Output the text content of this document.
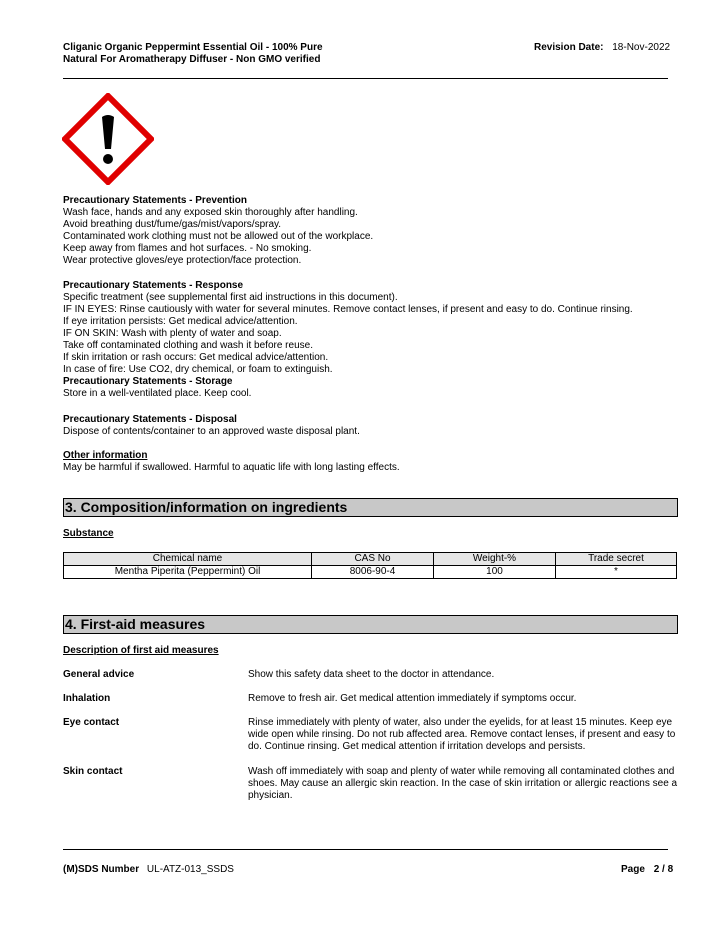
Cliganic Organic Peppermint Essential Oil - 100% Pure
Natural For Aromatherapy Diffuser - Non GMO verified
Revision Date: 18-Nov-2022
Precautionary Statements - Prevention
Wash face, hands and any exposed skin thoroughly after handling.
Avoid breathing dust/fume/gas/mist/vapors/spray.
Contaminated work clothing must not be allowed out of the workplace.
Keep away from flames and hot surfaces. - No smoking.
Wear protective gloves/eye protection/face protection.
Precautionary Statements - Response
Specific treatment (see supplemental first aid instructions in this document).
IF IN EYES: Rinse cautiously with water for several minutes. Remove contact lenses, if present and easy to do. Continue rinsing.
If eye irritation persists: Get medical advice/attention.
IF ON SKIN: Wash with plenty of water and soap.
Take off contaminated clothing and wash it before reuse.
If skin irritation or rash occurs: Get medical advice/attention.
In case of fire: Use CO2, dry chemical, or foam to extinguish.
Precautionary Statements - Storage
Store in a well-ventilated place. Keep cool.
Precautionary Statements - Disposal
Dispose of contents/container to an approved waste disposal plant.
Other information
May be harmful if swallowed. Harmful to aquatic life with long lasting effects.
3. Composition/information on ingredients
Substance
Chemical name	CAS No	Weight-%	Trade secret
Mentha Piperita (Peppermint) Oil	8006-90-4	100	*
4. First-aid measures
Description of first aid measures
General advice	Show this safety data sheet to the doctor in attendance.
Inhalation	Remove to fresh air. Get medical attention immediately if symptoms occur.
Eye contact	Rinse immediately with plenty of water, also under the eyelids, for at least 15 minutes. Keep eye wide open while rinsing. Do not rub affected area. Remove contact lenses, if present and easy to do. Continue rinsing. Get medical attention if irritation develops and persists.
Skin contact	Wash off immediately with soap and plenty of water while removing all contaminated clothes and shoes. May cause an allergic skin reaction. In the case of skin irritation or allergic reactions see a physician.
(M)SDS Number UL-ATZ-013_SSDS	Page 2 / 8
